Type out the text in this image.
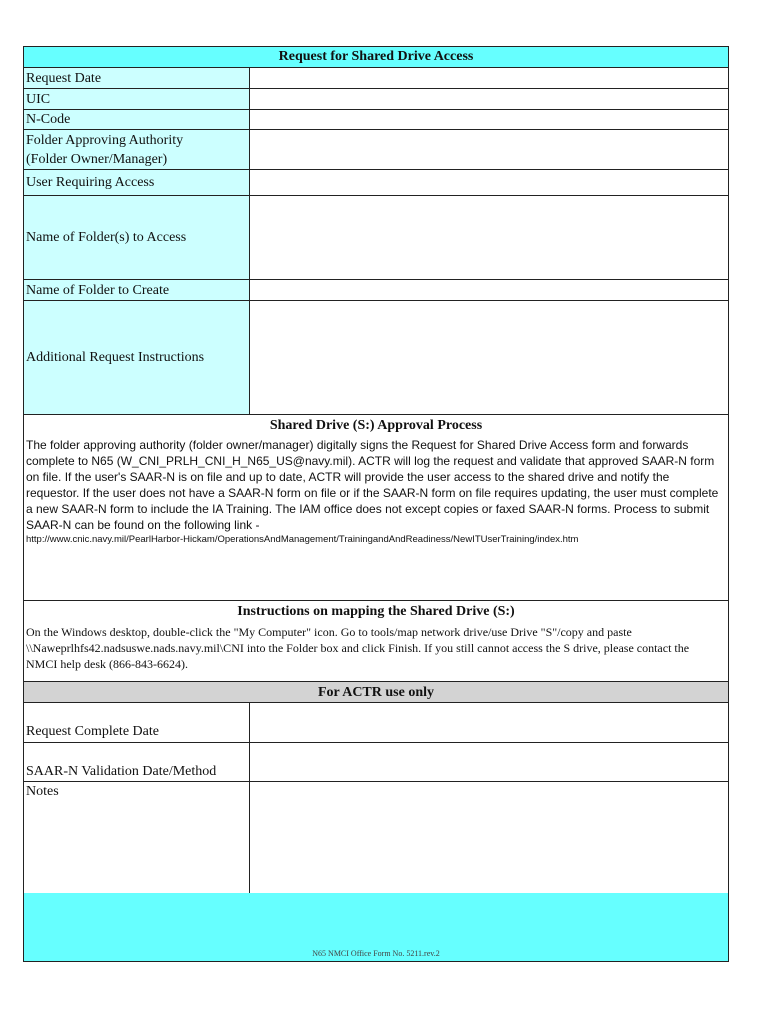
Request for Shared Drive Access
Request Date
UIC
N-Code
Folder Approving Authority
(Folder Owner/Manager)
User Requiring Access
Name of Folder(s) to Access
Name of Folder to Create
Additional Request Instructions
Shared Drive (S:) Approval Process
The folder approving authority (folder owner/manager) digitally signs the Request for Shared Drive Access form and forwards complete to N65 (W_CNI_PRLH_CNI_H_N65_US@navy.mil). ACTR will log the request and validate that approved SAAR-N form on file. If the user's SAAR-N is on file and up to date, ACTR will provide the user access to the shared drive and notify the requestor. If the user does not have a SAAR-N form on file or if the SAAR-N form on file requires updating, the user must complete a new SAAR-N form to include the IA Training. The IAM office does not except copies or faxed SAAR-N forms. Process to submit SAAR-N can be found on the following link -
http://www.cnic.navy.mil/PearlHarbor-Hickam/OperationsAndManagement/TrainingandAndReadiness/NewITUserTraining/index.htm
Instructions on mapping the Shared Drive (S:)
On the Windows desktop, double-click the "My Computer" icon. Go to tools/map network drive/use Drive "S"/copy and paste \\Naweprlhfs42.nadsuswe.nads.navy.mil\CNI into the Folder box and click Finish. If you still cannot access the S drive, please contact the NMCI help desk (866-843-6624).
For ACTR use only
Request Complete Date
SAAR-N Validation Date/Method
Notes
N65 NMCI Office Form No. 5211.rev.2
